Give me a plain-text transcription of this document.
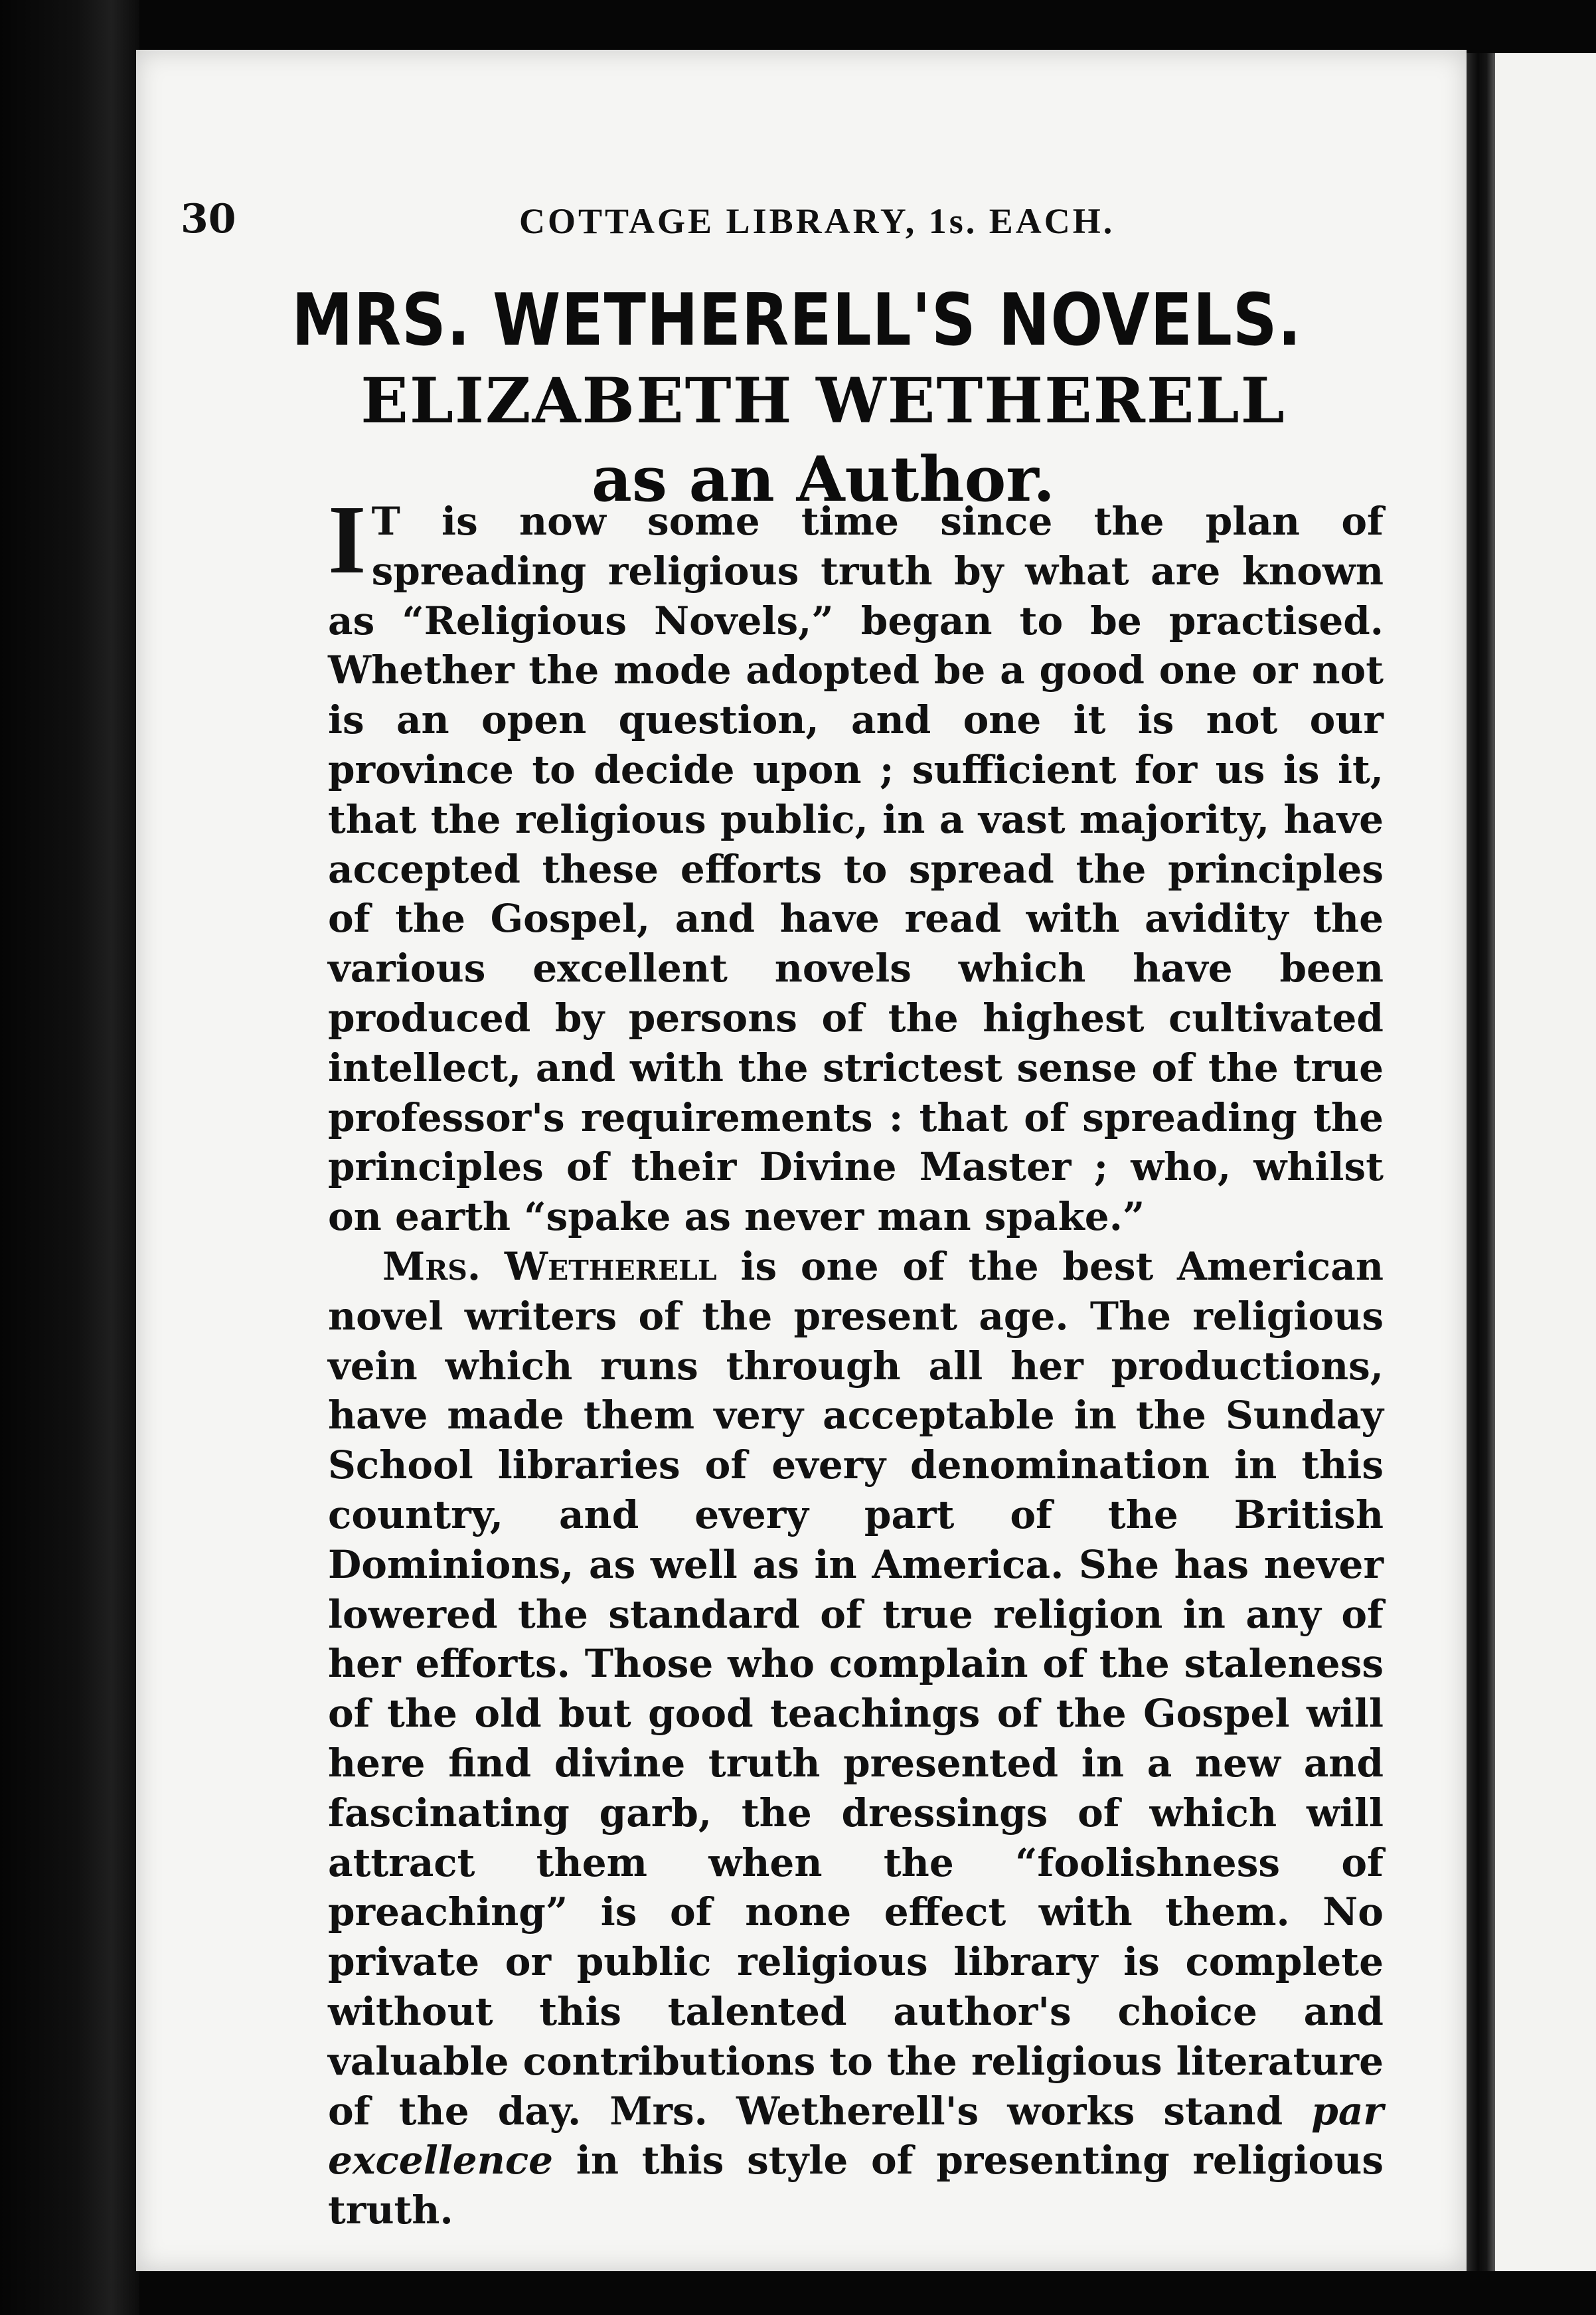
30	COTTAGE LIBRARY, 1s. EACH.
MRS. WETHERELL'S NOVELS.
ELIZABETH WETHERELL as an Author.

I T is now some time since the plan of spreading religious truth by what are known as “Religious Novels,” began to be practised. Whether the mode adopted be a good one or not is an open question, and one it is not our province to decide upon ; sufficient for us is it, that the religious public, in a vast majority, have accepted these efforts to spread the principles of the Gospel, and have read with avidity the various excellent novels which have been produced by persons of the highest cultivated intellect, and with the strictest sense of the true professor's requirements : that of spreading the principles of their Divine Master ; who, whilst on earth “spake as never man spake.”

Mrs. Wetherell is one of the best American novel writers of the present age. The religious vein which runs through all her productions, have made them very acceptable in the Sunday School libraries of every denomination in this country, and every part of the British Dominions, as well as in America. She has never lowered the standard of true religion in any of her efforts. Those who complain of the staleness of the old but good teachings of the Gospel will here find divine truth presented in a new and fascinating garb, the dressings of which will attract them when the “foolishness of preaching” is of none effect with them. No private or public religious library is complete without this talented author's choice and valuable contributions to the religious literature of the day. Mrs. Wetherell's works stand par excellence in this style of presenting religious truth.
